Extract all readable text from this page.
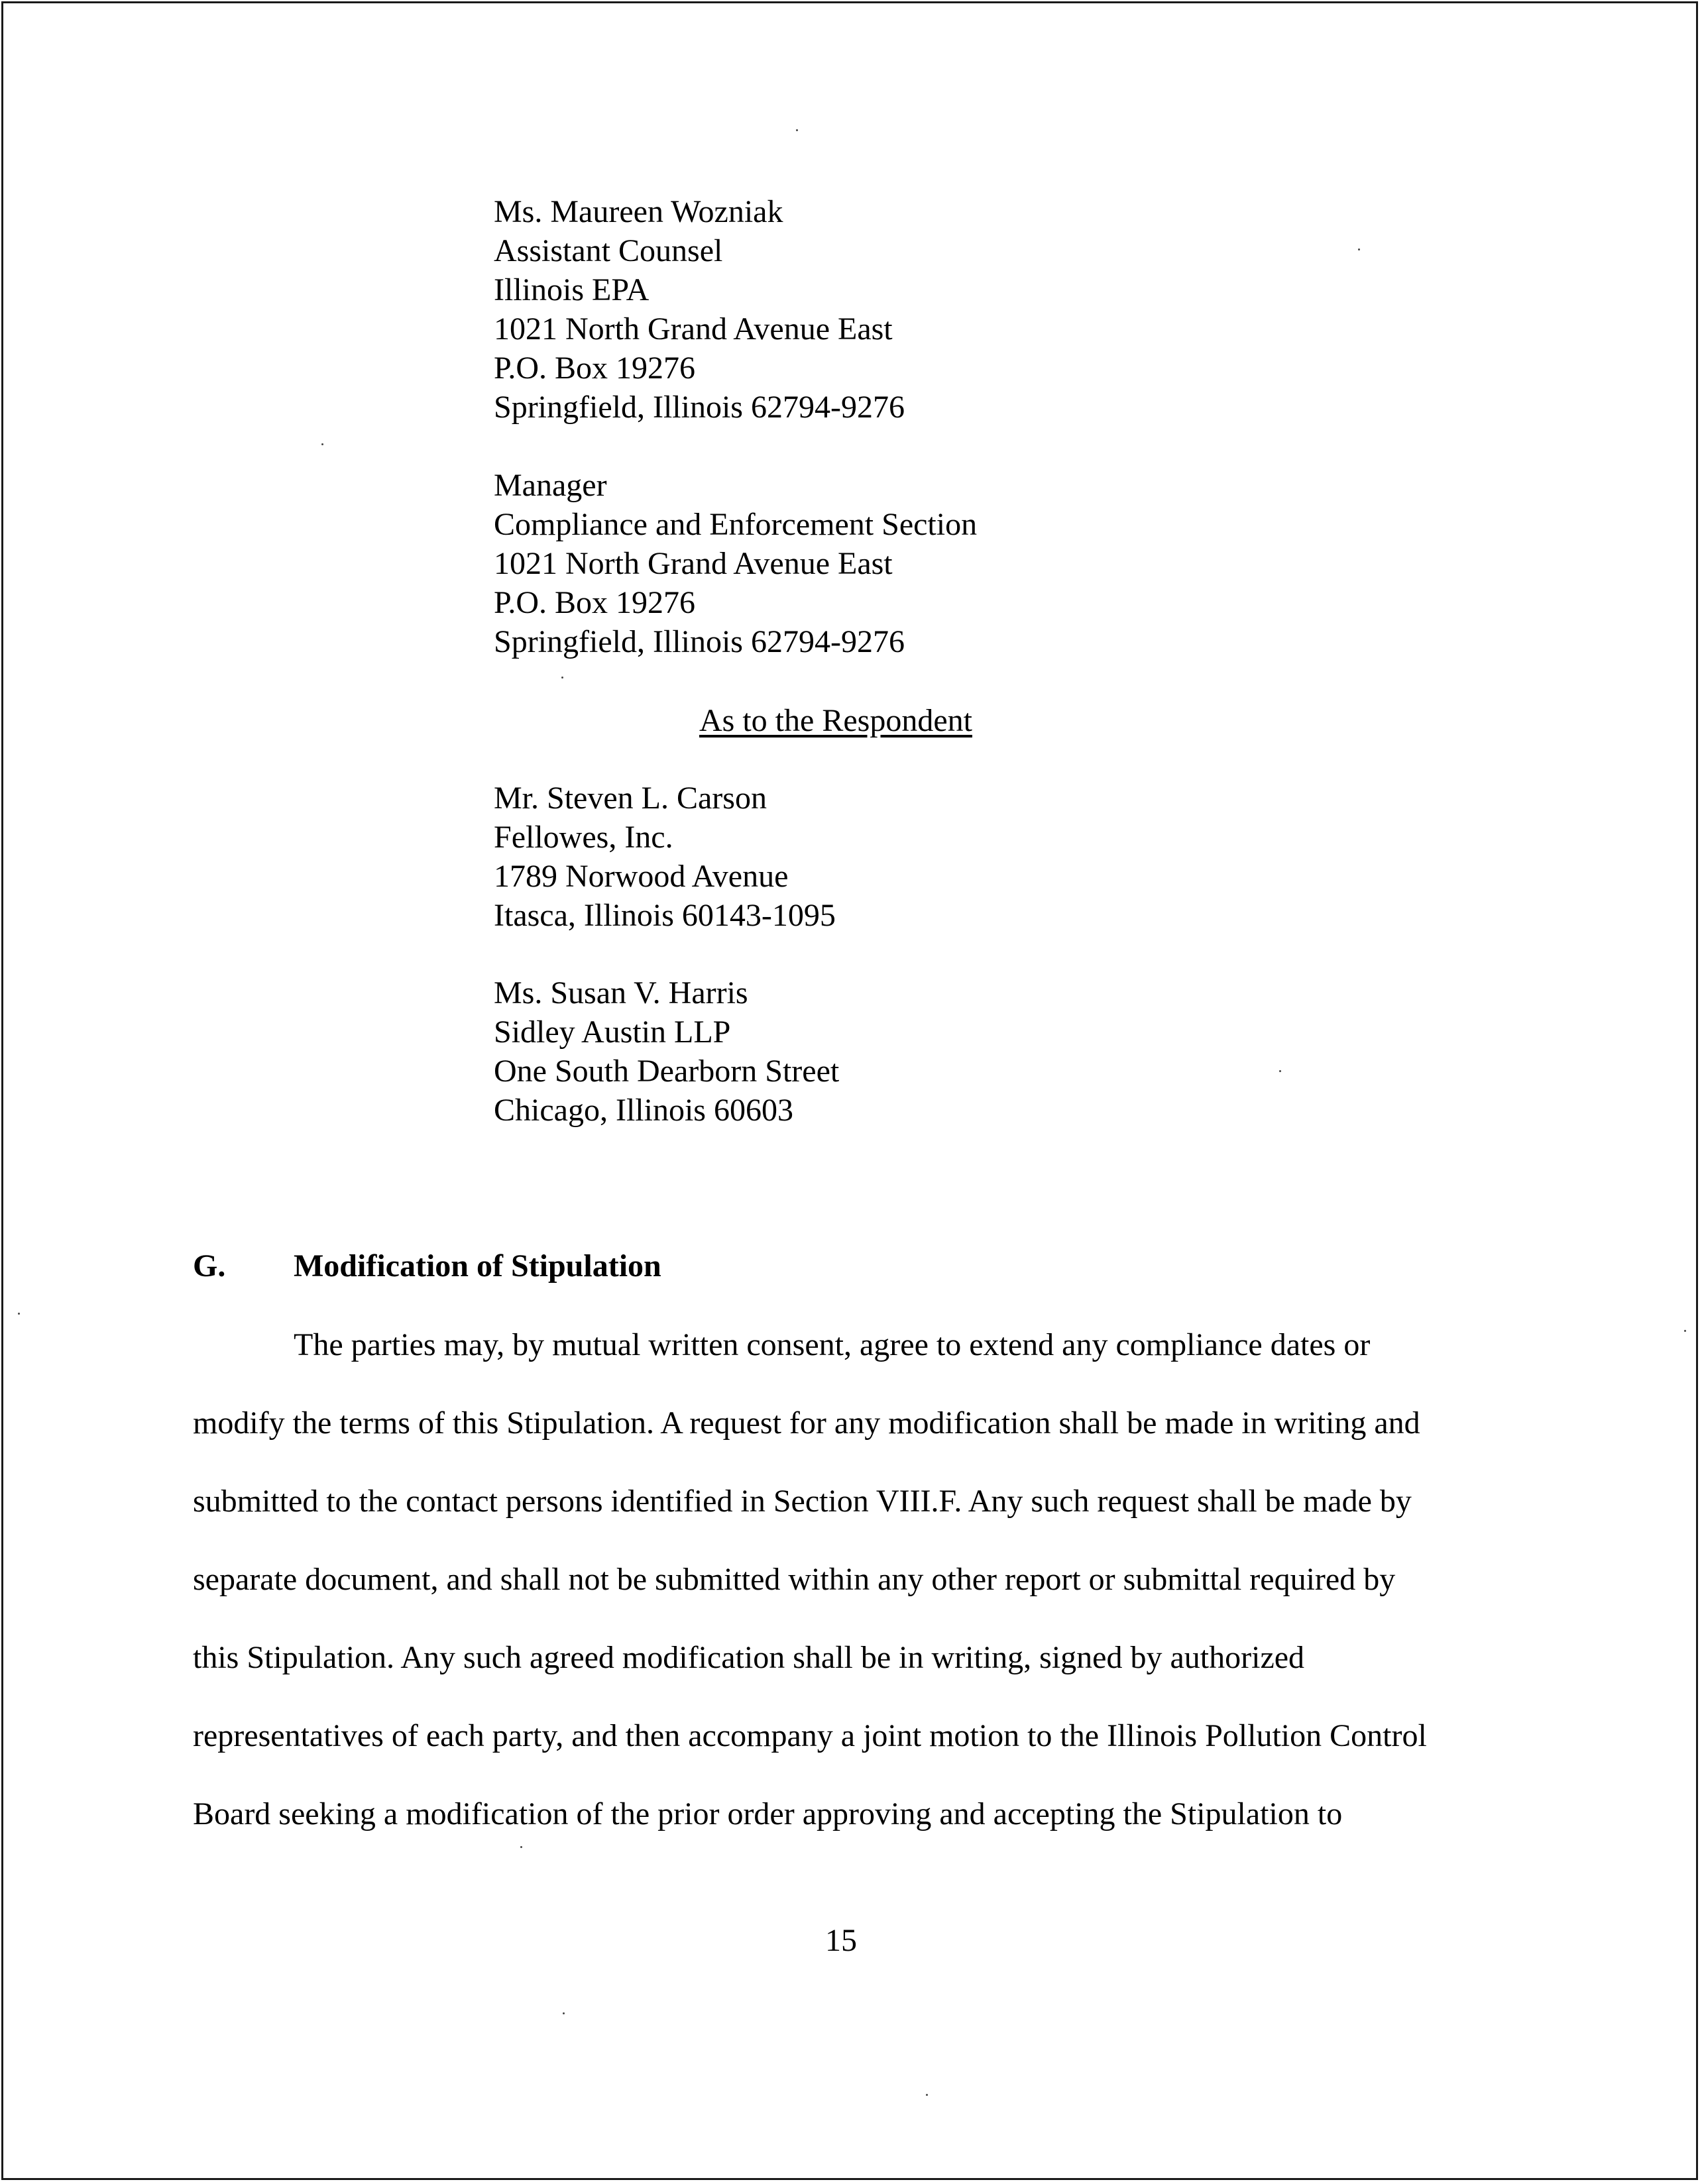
Ms. Maureen Wozniak
Assistant Counsel
Illinois EPA
1021 North Grand Avenue East
P.O. Box 19276
Springfield, Illinois 62794-9276
Manager
Compliance and Enforcement Section
1021 North Grand Avenue East
P.O. Box 19276
Springfield, Illinois 62794-9276
As to the Respondent
Mr. Steven L. Carson
Fellowes, Inc.
1789 Norwood Avenue
Itasca, Illinois 60143-1095
Ms. Susan V. Harris
Sidley Austin LLP
One South Dearborn Street
Chicago, Illinois 60603
G. Modification of Stipulation
The parties may, by mutual written consent, agree to extend any compliance dates or
modify the terms of this Stipulation. A request for any modification shall be made in writing and
submitted to the contact persons identified in Section VIII.F. Any such request shall be made by
separate document, and shall not be submitted within any other report or submittal required by
this Stipulation. Any such agreed modification shall be in writing, signed by authorized
representatives of each party, and then accompany a joint motion to the Illinois Pollution Control
Board seeking a modification of the prior order approving and accepting the Stipulation to
15
